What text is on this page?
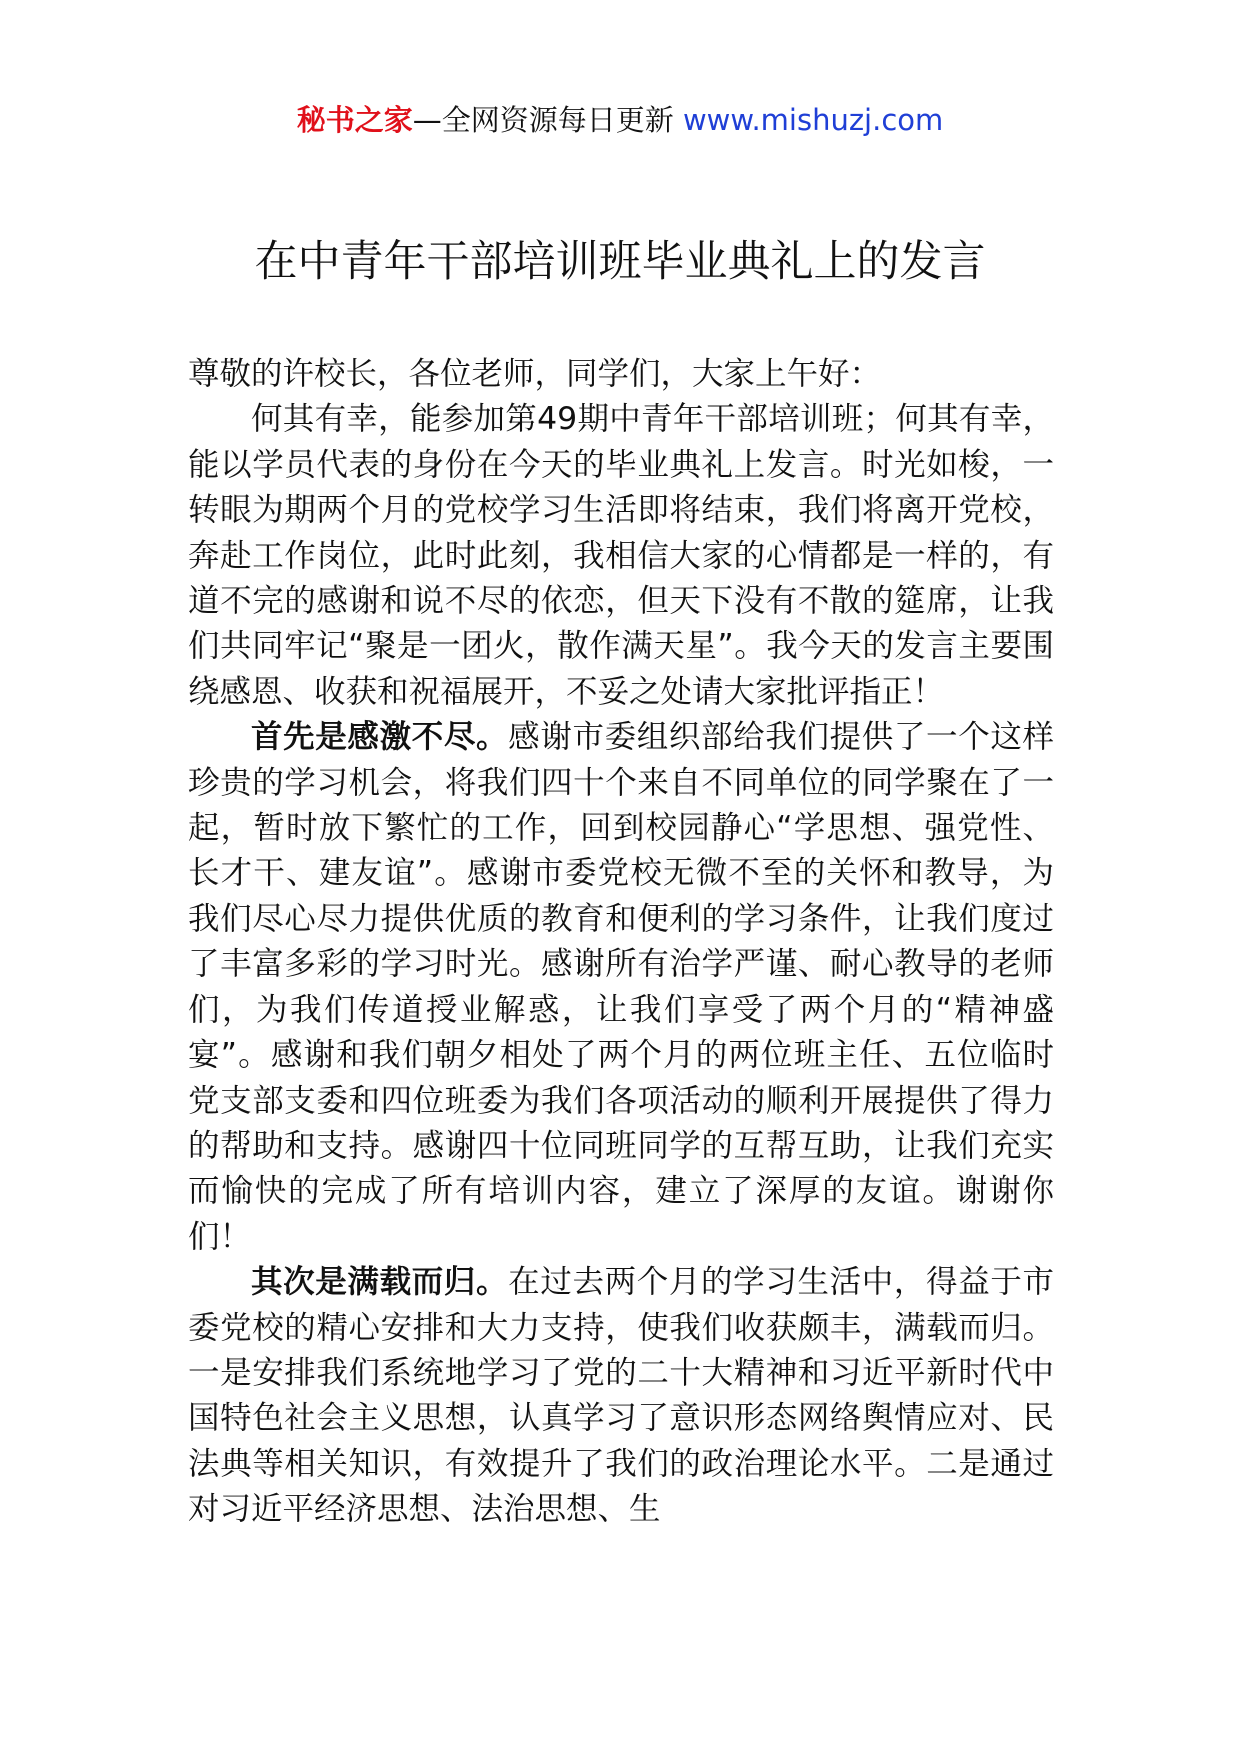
秘书之家—全网资源每日更新 www.mishuzj.com
在中青年干部培训班毕业典礼上的发言

尊敬的许校长，各位老师，同学们，大家上午好：

何其有幸，能参加第49期中青年干部培训班；何其有幸，能以学员代表的身份在今天的毕业典礼上发言。时光如梭，一转眼为期两个月的党校学习生活即将结束，我们将离开党校，奔赴工作岗位，此时此刻，我相信大家的心情都是一样的，有道不完的感谢和说不尽的依恋，但天下没有不散的筵席，让我们共同牢记“聚是一团火，散作满天星”。我今天的发言主要围绕感恩、收获和祝福展开，不妥之处请大家批评指正！

首先是感激不尽。感谢市委组织部给我们提供了一个这样珍贵的学习机会，将我们四十个来自不同单位的同学聚在了一起，暂时放下繁忙的工作，回到校园静心“学思想、强党性、长才干、建友谊”。感谢市委党校无微不至的关怀和教导，为我们尽心尽力提供优质的教育和便利的学习条件，让我们度过了丰富多彩的学习时光。感谢所有治学严谨、耐心教导的老师们，为我们传道授业解惑，让我们享受了两个月的“精神盛宴”。感谢和我们朝夕相处了两个月的两位班主任、五位临时党支部支委和四位班委为我们各项活动的顺利开展提供了得力的帮助和支持。感谢四十位同班同学的互帮互助，让我们充实而愉快的完成了所有培训内容，建立了深厚的友谊。谢谢你们！

其次是满载而归。在过去两个月的学习生活中，得益于市委党校的精心安排和大力支持，使我们收获颇丰，满载而归。一是安排我们系统地学习了党的二十大精神和习近平新时代中国特色社会主义思想，认真学习了意识形态网络舆情应对、民法典等相关知识，有效提升了我们的政治理论水平。二是通过对习近平经济思想、法治思想、生
